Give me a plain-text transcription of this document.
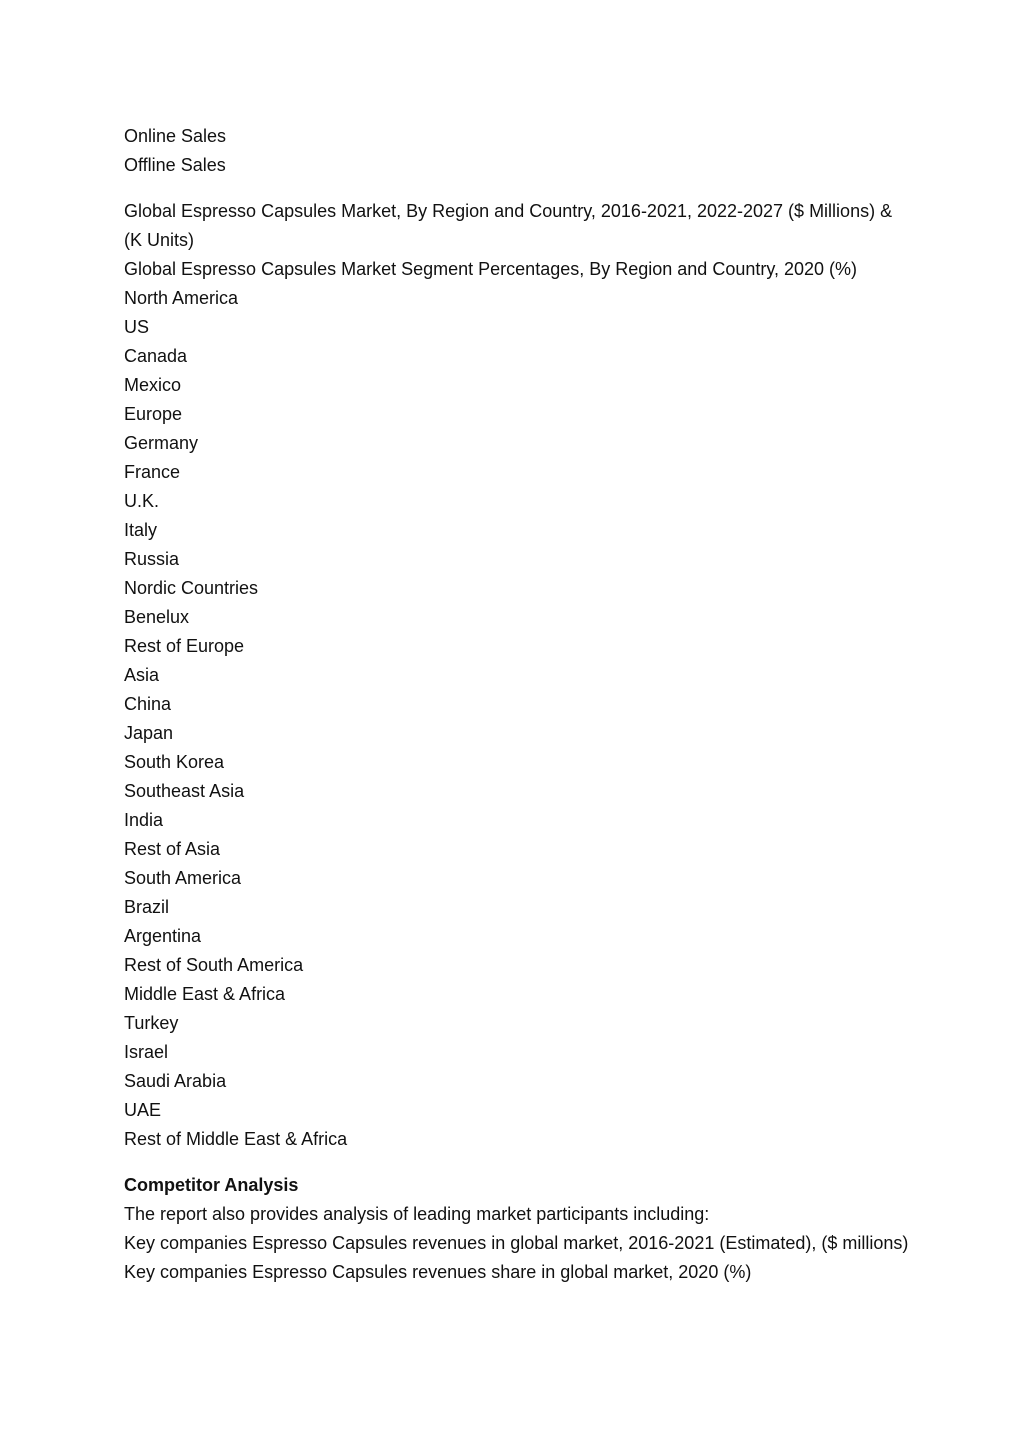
Online Sales

Offline Sales

Global Espresso Capsules Market, By Region and Country, 2016-2021, 2022-2027 ($ Millions) & (K Units)

Global Espresso Capsules Market Segment Percentages, By Region and Country, 2020 (%)

North America

US

Canada

Mexico

Europe

Germany

France

U.K.

Italy

Russia

Nordic Countries

Benelux

Rest of Europe

Asia

China

Japan

South Korea

Southeast Asia

India

Rest of Asia

South America

Brazil

Argentina

Rest of South America

Middle East & Africa

Turkey

Israel

Saudi Arabia

UAE

Rest of Middle East & Africa

Competitor Analysis

The report also provides analysis of leading market participants including:

Key companies Espresso Capsules revenues in global market, 2016-2021 (Estimated), ($ millions)

Key companies Espresso Capsules revenues share in global market, 2020 (%)
